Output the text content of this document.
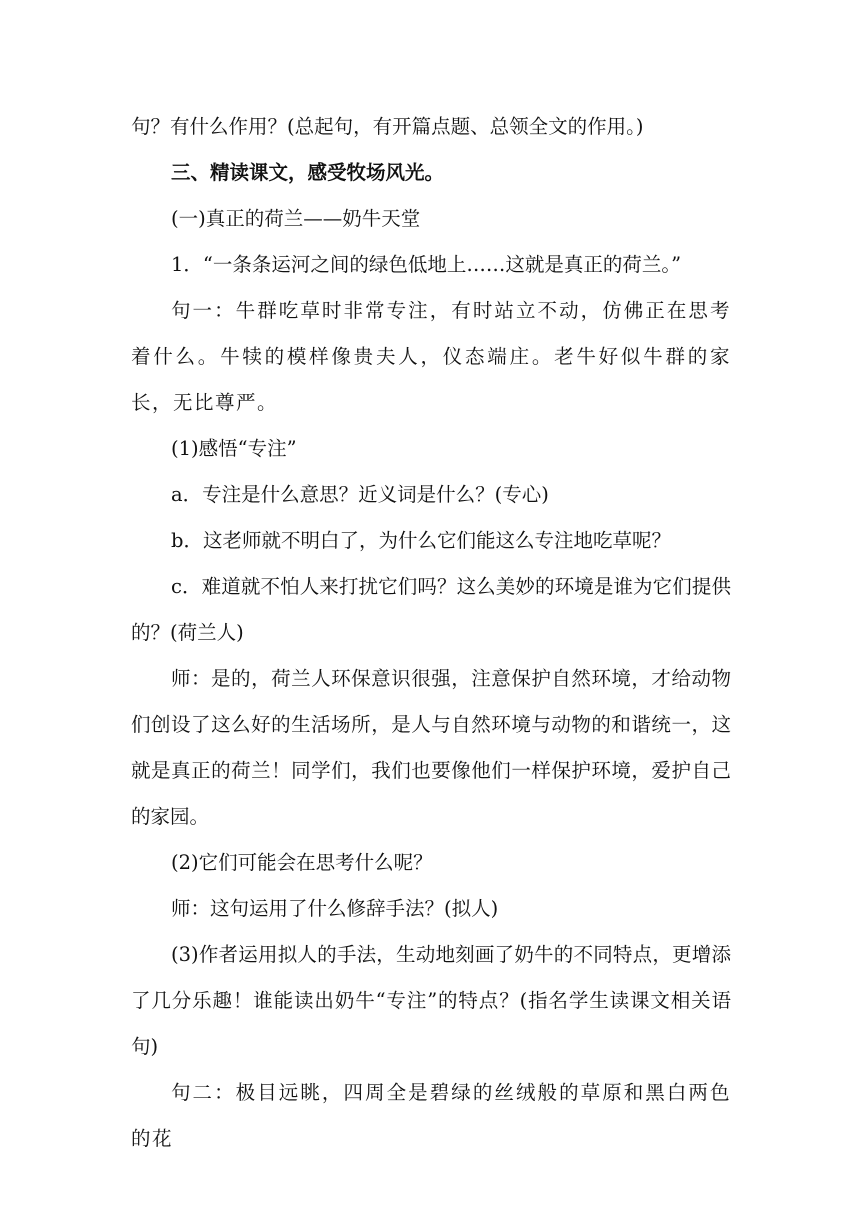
句？有什么作用？(总起句，有开篇点题、总领全文的作用。)

三、精读课文，感受牧场风光。

(一)真正的荷兰——奶牛天堂

1．“一条条运河之间的绿色低地上……这就是真正的荷兰。”

句一：牛群吃草时非常专注，有时站立不动，仿佛正在思考着什么。牛犊的模样像贵夫人，仪态端庄。老牛好似牛群的家长，无比尊严。

(1)感悟“专注”

a．专注是什么意思？近义词是什么？(专心)

b．这老师就不明白了，为什么它们能这么专注地吃草呢？

c．难道就不怕人来打扰它们吗？这么美妙的环境是谁为它们提供的？(荷兰人)

师：是的，荷兰人环保意识很强，注意保护自然环境，才给动物们创设了这么好的生活场所，是人与自然环境与动物的和谐统一，这就是真正的荷兰！同学们，我们也要像他们一样保护环境，爱护自己的家园。

(2)它们可能会在思考什么呢？

师：这句运用了什么修辞手法？(拟人)

(3)作者运用拟人的手法，生动地刻画了奶牛的不同特点，更增添了几分乐趣！谁能读出奶牛“专注”的特点？(指名学生读课文相关语句)

句二：极目远眺，四周全是碧绿的丝绒般的草原和黑白两色的花
